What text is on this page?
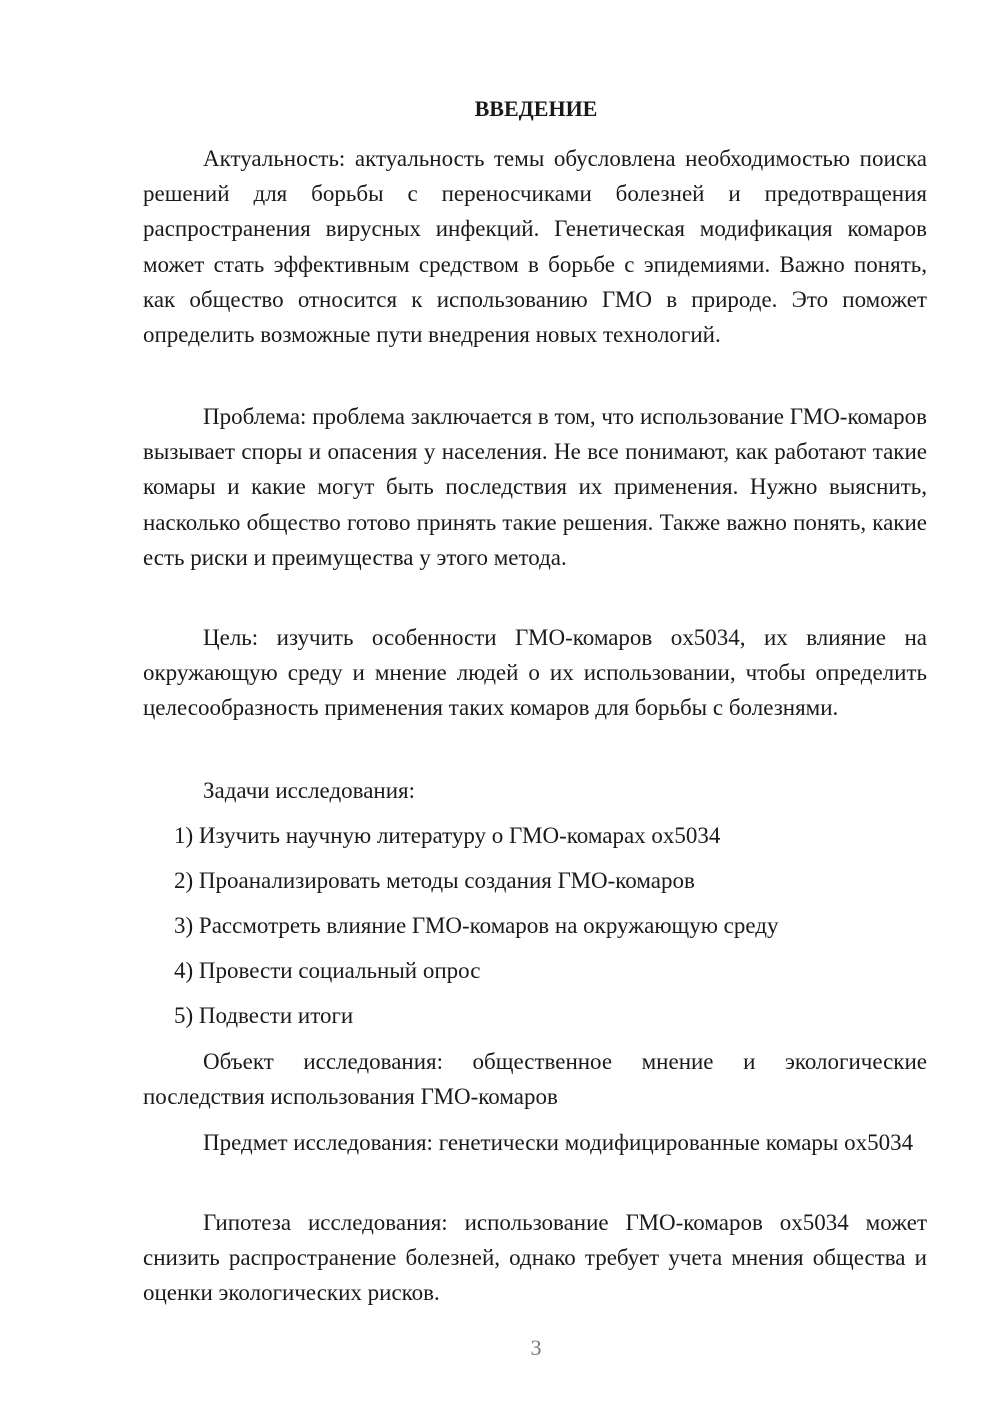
ВВЕДЕНИЕ

Актуальность: актуальность темы обусловлена необходимостью поиска решений для борьбы с переносчиками болезней и предотвращения распространения вирусных инфекций. Генетическая модификация комаров может стать эффективным средством в борьбе с эпидемиями. Важно понять, как общество относится к использованию ГМО в природе. Это поможет определить возможные пути внедрения новых технологий.

Проблема: проблема заключается в том, что использование ГМО-комаров вызывает споры и опасения у населения. Не все понимают, как работают такие комары и какие могут быть последствия их применения. Нужно выяснить, насколько общество готово принять такие решения. Также важно понять, какие есть риски и преимущества у этого метода.

Цель: изучить особенности ГМО-комаров ox5034, их влияние на окружающую среду и мнение людей о их использовании, чтобы определить целесообразность применения таких комаров для борьбы с болезнями.

Задачи исследования:

1) Изучить научную литературу о ГМО-комарах ox5034

2) Проанализировать методы создания ГМО-комаров

3) Рассмотреть влияние ГМО-комаров на окружающую среду

4) Провести социальный опрос

5) Подвести итоги

Объект исследования: общественное мнение и экологические последствия использования ГМО-комаров

Предмет исследования: генетически модифицированные комары ox5034

Гипотеза исследования: использование ГМО-комаров ox5034 может снизить распространение болезней, однако требует учета мнения общества и оценки экологических рисков.

3
